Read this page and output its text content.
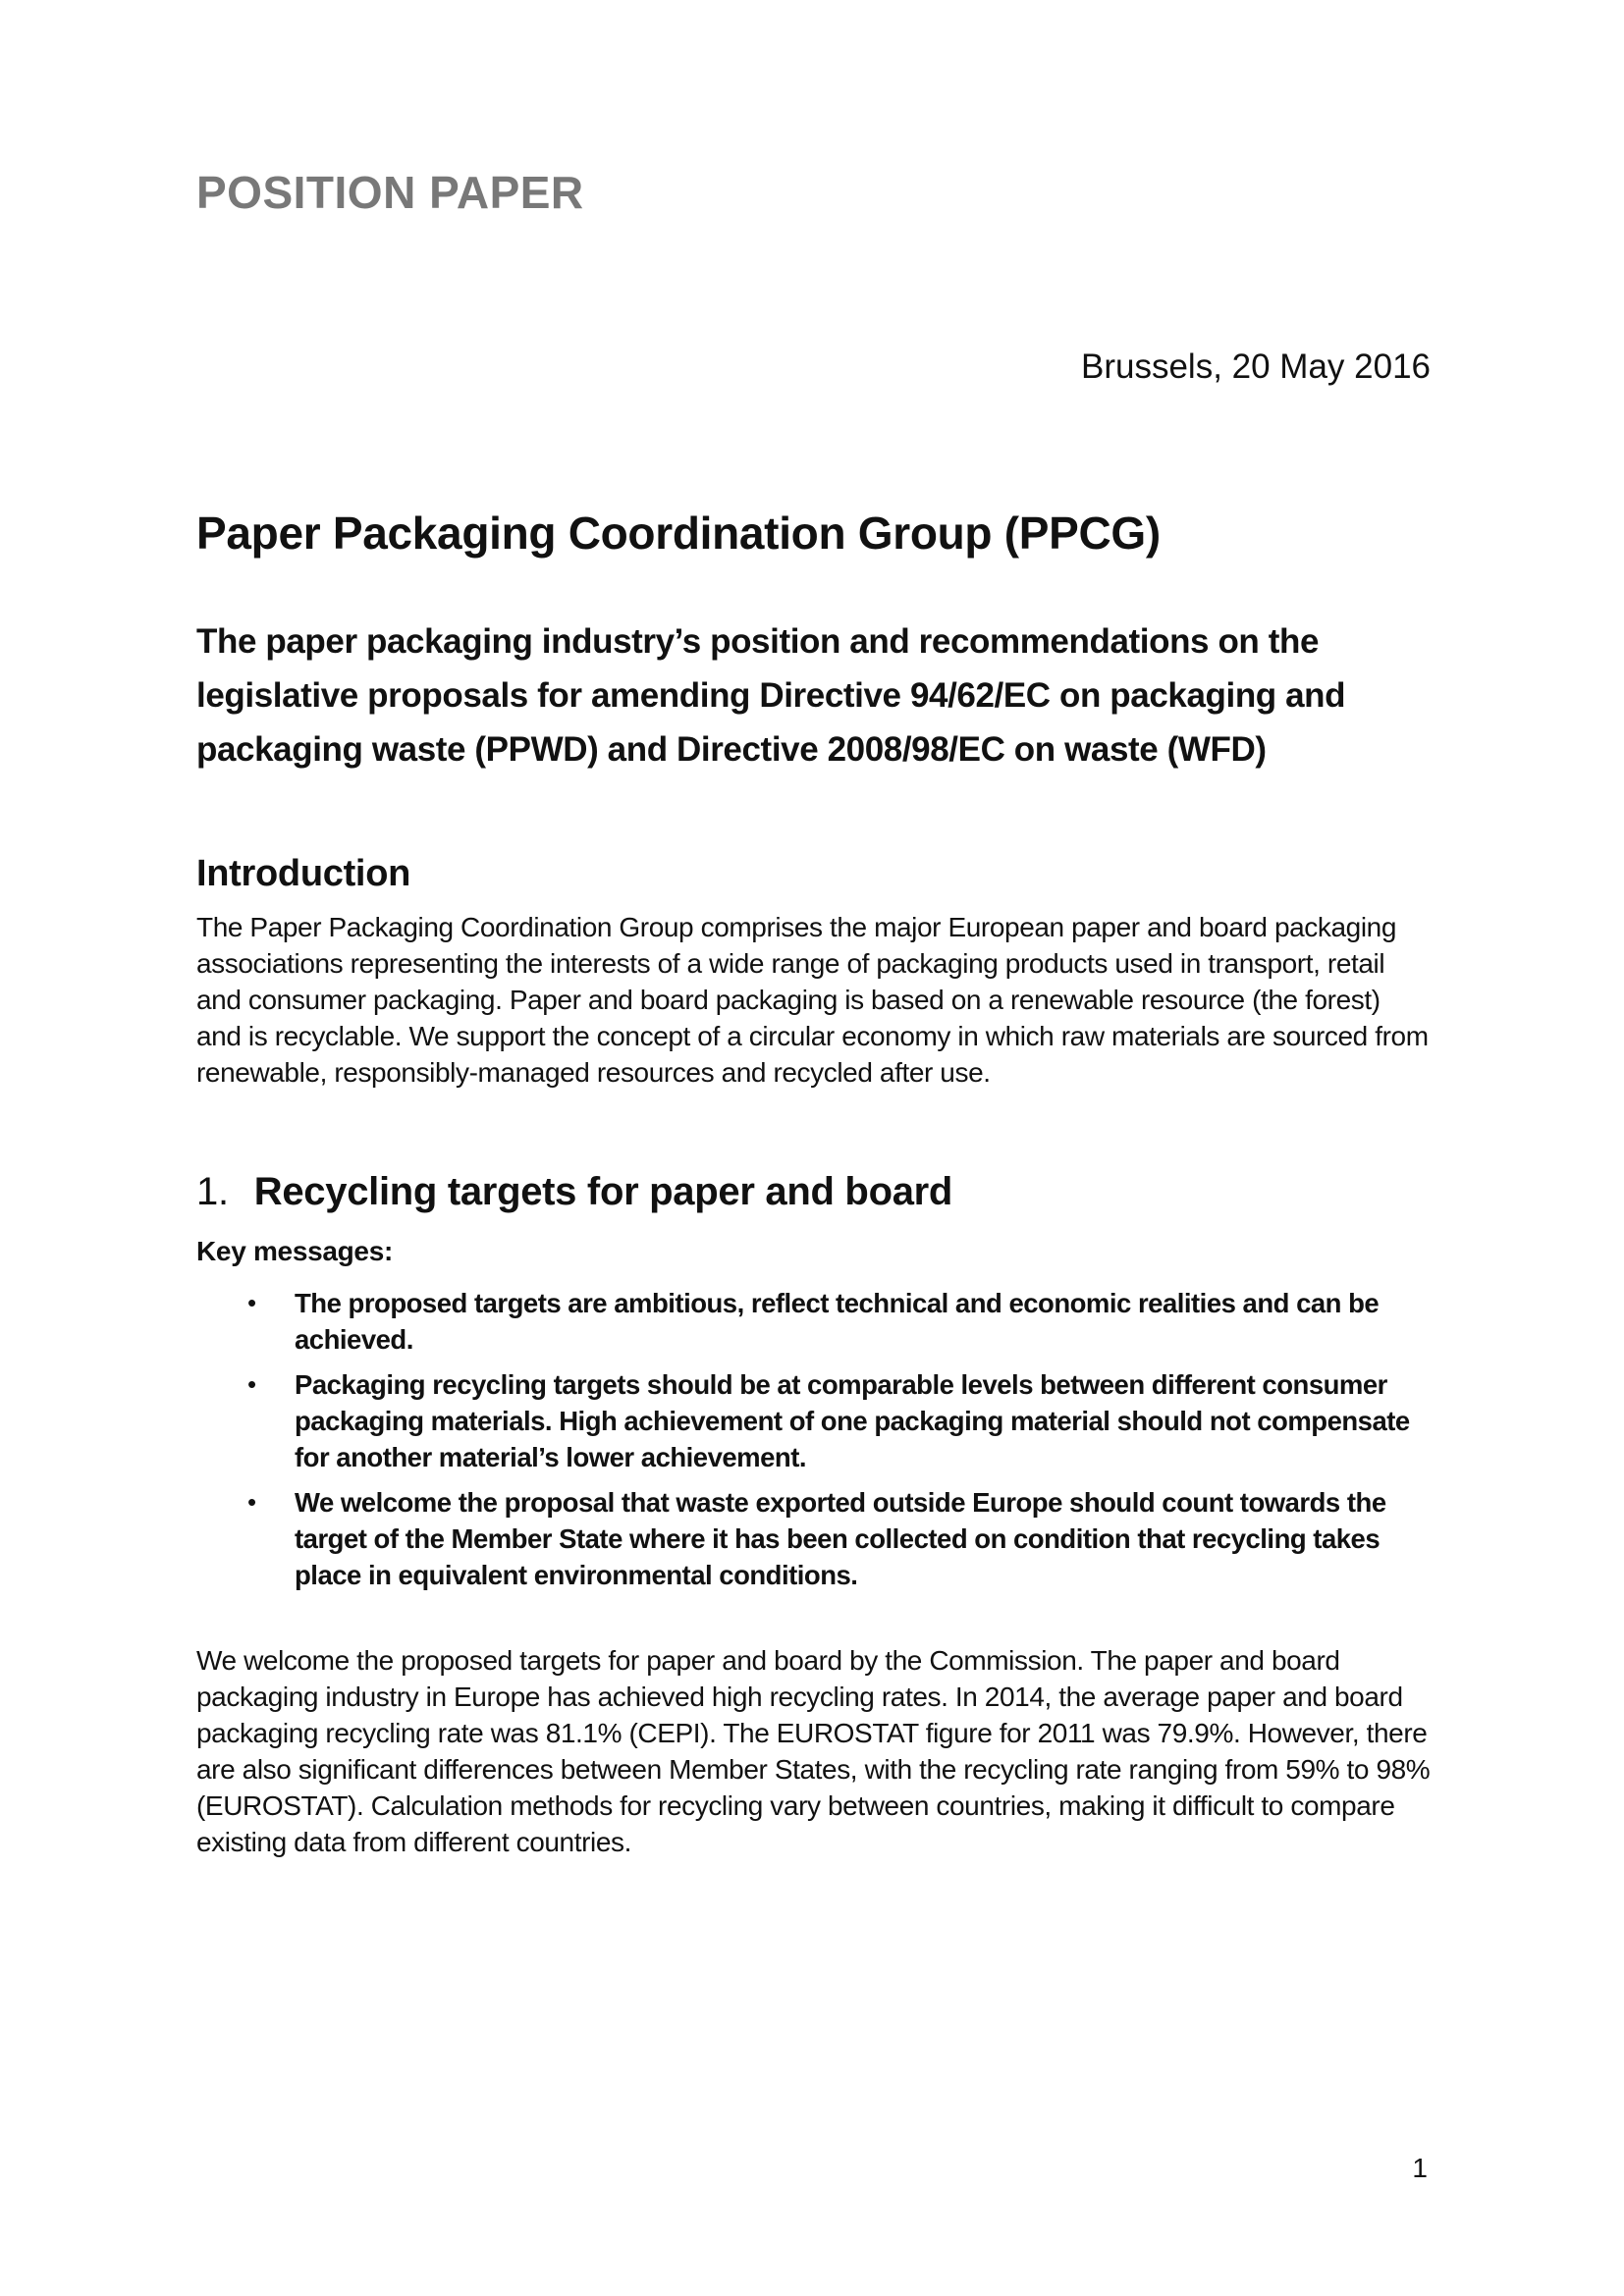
POSITION PAPER
Brussels, 20 May 2016
Paper Packaging Coordination Group (PPCG)
The paper packaging industry’s position and recommendations on the legislative proposals for amending Directive 94/62/EC on packaging and packaging waste (PPWD) and Directive 2008/98/EC on waste (WFD)
Introduction

The Paper Packaging Coordination Group comprises the major European paper and board packaging associations representing the interests of a wide range of packaging products used in transport, retail and consumer packaging. Paper and board packaging is based on a renewable resource (the forest) and is recyclable. We support the concept of a circular economy in which raw materials are sourced from renewable, responsibly-managed resources and recycled after use.

1. Recycling targets for paper and board
Key messages:
• The proposed targets are ambitious, reflect technical and economic realities and can be achieved.
• Packaging recycling targets should be at comparable levels between different consumer packaging materials. High achievement of one packaging material should not compensate for another material’s lower achievement.
• We welcome the proposal that waste exported outside Europe should count towards the target of the Member State where it has been collected on condition that recycling takes place in equivalent environmental conditions.

We welcome the proposed targets for paper and board by the Commission. The paper and board packaging industry in Europe has achieved high recycling rates. In 2014, the average paper and board packaging recycling rate was 81.1% (CEPI). The EUROSTAT figure for 2011 was 79.9%. However, there are also significant differences between Member States, with the recycling rate ranging from 59% to 98% (EUROSTAT). Calculation methods for recycling vary between countries, making it difficult to compare existing data from different countries.

1
